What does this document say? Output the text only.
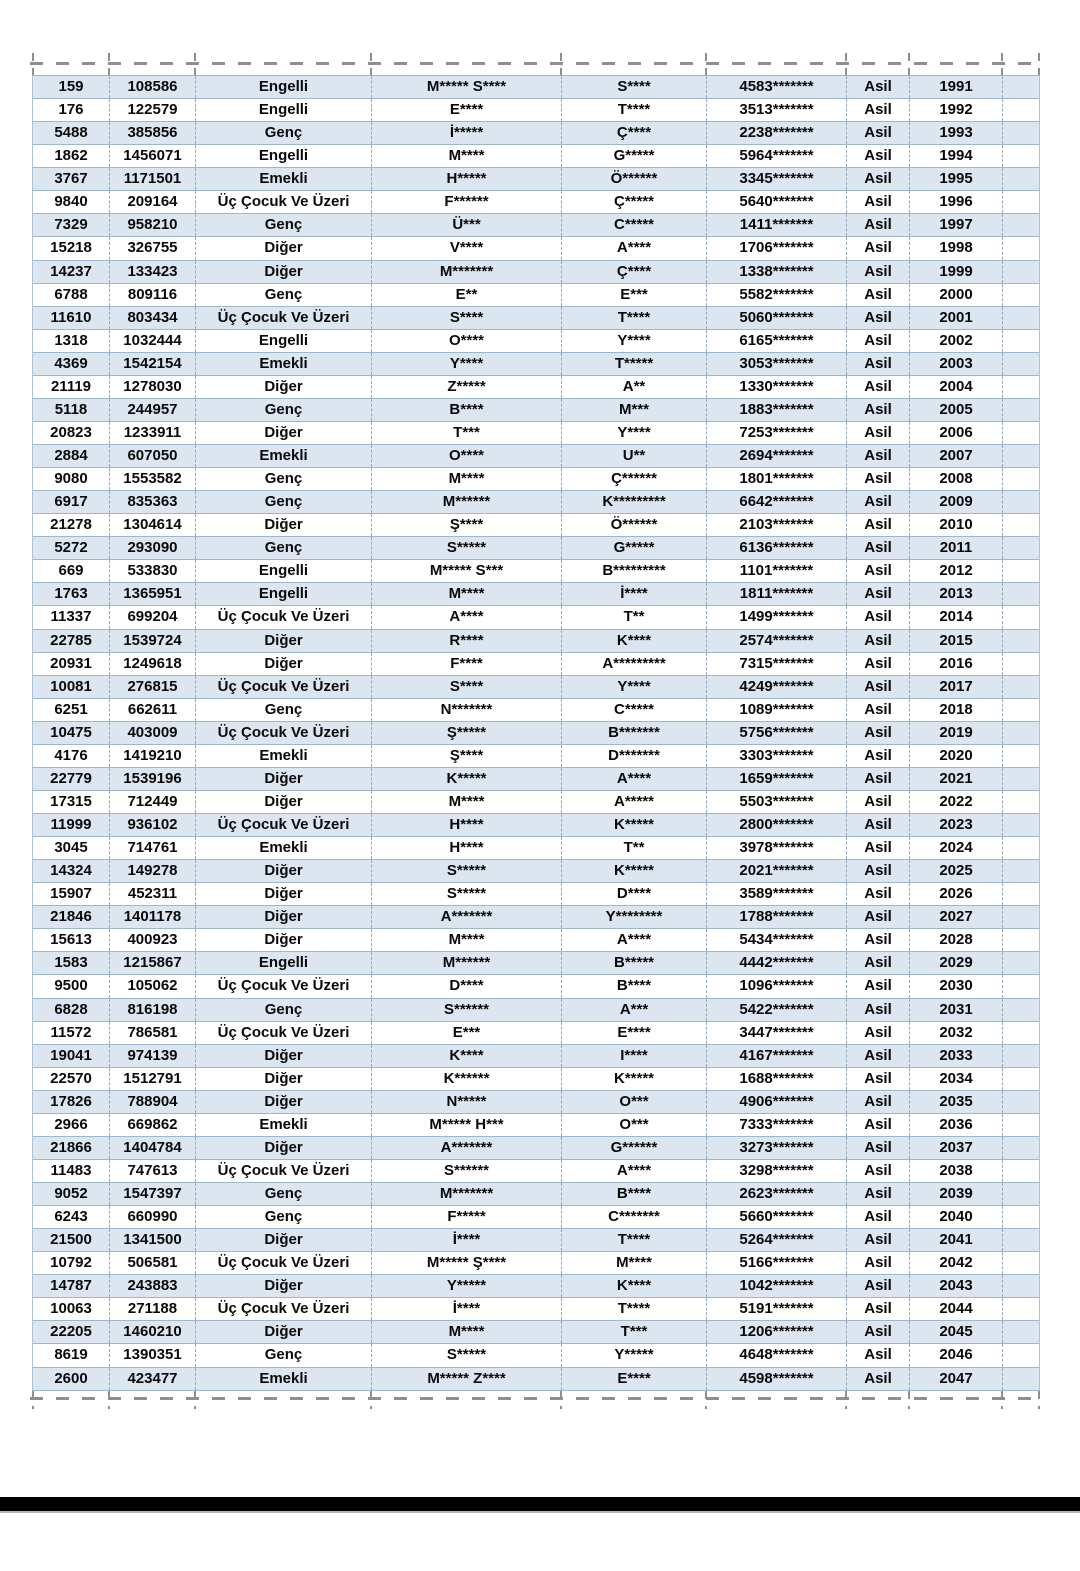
159	108586	Engelli	M***** S****	S****	4583*******	Asil	1991
176	122579	Engelli	E****	T****	3513*******	Asil	1992
5488	385856	Genç	İ*****	Ç****	2238*******	Asil	1993
1862	1456071	Engelli	M****	G*****	5964*******	Asil	1994
3767	1171501	Emekli	H*****	Ö******	3345*******	Asil	1995
9840	209164	Üç Çocuk Ve Üzeri	F******	Ç*****	5640*******	Asil	1996
7329	958210	Genç	Ü***	C*****	1411*******	Asil	1997
15218	326755	Diğer	V****	A****	1706*******	Asil	1998
14237	133423	Diğer	M*******	Ç****	1338*******	Asil	1999
6788	809116	Genç	E**	E***	5582*******	Asil	2000
11610	803434	Üç Çocuk Ve Üzeri	S****	T****	5060*******	Asil	2001
1318	1032444	Engelli	O****	Y****	6165*******	Asil	2002
4369	1542154	Emekli	Y****	T*****	3053*******	Asil	2003
21119	1278030	Diğer	Z*****	A**	1330*******	Asil	2004
5118	244957	Genç	B****	M***	1883*******	Asil	2005
20823	1233911	Diğer	T***	Y****	7253*******	Asil	2006
2884	607050	Emekli	O****	U**	2694*******	Asil	2007
9080	1553582	Genç	M****	Ç******	1801*******	Asil	2008
6917	835363	Genç	M******	K*********	6642*******	Asil	2009
21278	1304614	Diğer	Ş****	Ö******	2103*******	Asil	2010
5272	293090	Genç	S*****	G*****	6136*******	Asil	2011
669	533830	Engelli	M***** S***	B*********	1101*******	Asil	2012
1763	1365951	Engelli	M****	İ****	1811*******	Asil	2013
11337	699204	Üç Çocuk Ve Üzeri	A****	T**	1499*******	Asil	2014
22785	1539724	Diğer	R****	K****	2574*******	Asil	2015
20931	1249618	Diğer	F****	A*********	7315*******	Asil	2016
10081	276815	Üç Çocuk Ve Üzeri	S****	Y****	4249*******	Asil	2017
6251	662611	Genç	N*******	C*****	1089*******	Asil	2018
10475	403009	Üç Çocuk Ve Üzeri	Ş*****	B*******	5756*******	Asil	2019
4176	1419210	Emekli	Ş****	D*******	3303*******	Asil	2020
22779	1539196	Diğer	K*****	A****	1659*******	Asil	2021
17315	712449	Diğer	M****	A*****	5503*******	Asil	2022
11999	936102	Üç Çocuk Ve Üzeri	H****	K*****	2800*******	Asil	2023
3045	714761	Emekli	H****	T**	3978*******	Asil	2024
14324	149278	Diğer	S*****	K*****	2021*******	Asil	2025
15907	452311	Diğer	S*****	D****	3589*******	Asil	2026
21846	1401178	Diğer	A*******	Y********	1788*******	Asil	2027
15613	400923	Diğer	M****	A****	5434*******	Asil	2028
1583	1215867	Engelli	M******	B*****	4442*******	Asil	2029
9500	105062	Üç Çocuk Ve Üzeri	D****	B****	1096*******	Asil	2030
6828	816198	Genç	S******	A***	5422*******	Asil	2031
11572	786581	Üç Çocuk Ve Üzeri	E***	E****	3447*******	Asil	2032
19041	974139	Diğer	K****	I****	4167*******	Asil	2033
22570	1512791	Diğer	K******	K*****	1688*******	Asil	2034
17826	788904	Diğer	N*****	O***	4906*******	Asil	2035
2966	669862	Emekli	M***** H***	O***	7333*******	Asil	2036
21866	1404784	Diğer	A*******	G******	3273*******	Asil	2037
11483	747613	Üç Çocuk Ve Üzeri	S******	A****	3298*******	Asil	2038
9052	1547397	Genç	M*******	B****	2623*******	Asil	2039
6243	660990	Genç	F*****	C*******	5660*******	Asil	2040
21500	1341500	Diğer	İ****	T****	5264*******	Asil	2041
10792	506581	Üç Çocuk Ve Üzeri	M***** Ş****	M****	5166*******	Asil	2042
14787	243883	Diğer	Y*****	K****	1042*******	Asil	2043
10063	271188	Üç Çocuk Ve Üzeri	İ****	T****	5191*******	Asil	2044
22205	1460210	Diğer	M****	T***	1206*******	Asil	2045
8619	1390351	Genç	S*****	Y*****	4648*******	Asil	2046
2600	423477	Emekli	M***** Z****	E****	4598*******	Asil	2047
